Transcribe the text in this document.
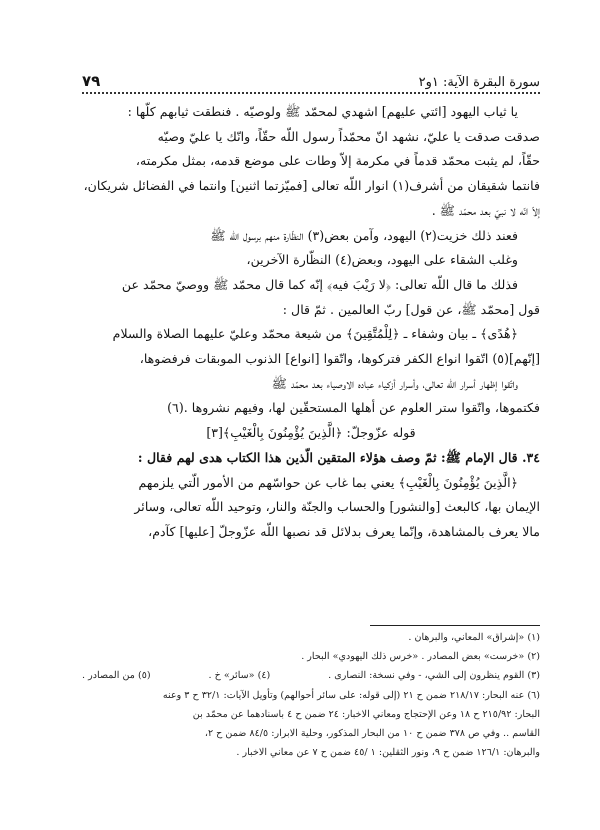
سورة البقرة الآية: ١و٢
٧٩

يا ثياب اليهود [ائتي عليهم] اشهدي لمحمّد ﷺ ولوصيّه . فنطقت ثيابهم كلّها :

صدقت صدقت يا عليّ، نشهد انّ محمّداً رسول اللّه حقّاً، وانّك يا عليّ وصيّه

حقّاً، لم يثبت محمّد قدماً في مكرمة إلاّ وطات على موضع قدمه، بمثل مكرمته،

فانتما شقيقان من أشرف(١) انوار اللّه تعالى [فميّزتما اثنين] وانتما في الفضائل شريكان،

إلاّ انّه لا نبيّ بعد محمّد ﷺ .

فعند ذلك خزيت(٢) اليهود، وآمن بعض(٣) النظّارة منهم برسول اللّه ﷺ

وغلب الشقاء على اليهود، وبعض(٤) النظّارة الآخرين،

فذلك ما قال اللّه تعالى: ﴿لا رَيْبَ فيه﴾ إنّه كما قال محمّد ﷺ ووصيّ محمّد عن

قول [محمّد ﷺ، عن قول] ربّ العالمين . ثمّ قال :

﴿هُدًى﴾ ـ بيان وشفاء ـ ﴿لِلْمُتَّقِينَ﴾ من شيعة محمّد وعليّ عليهما الصلاة والسلام

[إنّهم](٥) اتّقوا انواع الكفر فتركوها، واتّقوا [انواع] الذنوب الموبقات فرفضوها،

واتّقوا إظهار أسرار اللّه تعالى، وأسرار أزكياء عباده الاوصياء بعد محمّد ﷺ

فكتموها، واتّقوا ستر العلوم عن أهلها المستحقّين لها، وفيهم نشروها .(٦)

قوله عزّوجلّ: ﴿الَّذِينَ يُؤْمِنُونَ بِالْغَيْبِ﴾[٣]

٣٤. قال الإمام ﷺ: ثمّ وصف هؤلاء المتقين الّذين هذا الكتاب هدى لهم فقال :

﴿الَّذِينَ يُؤْمِنُونَ بِالْغَيْبِ﴾ يعني بما غاب عن حواسّهم من الأمور الّتي يلزمهم

الإيمان بها، كالبعث [والنشور] والحساب والجنّة والنار، وتوحيد اللّه تعالى، وسائر

مالا يعرف بالمشاهدة، وإنّما يعرف بدلائل قد نصبها اللّه عزّوجلّ [عليها] كآدم،

(١) «إشراق» المعاني، والبرهان .

(٢) «خرست» بعض المصادر . «خرس ذلك اليهودي» البحار .

(٣) القوم ينظرون إلى الشي، - وفي نسخة: النصارى .
(٤) «سائر» خ .
(٥) من المصادر .

(٦) عنه البحار: ٢١٨/١٧ ضمن ح ٢١ (إلى قوله: على سائر أحوالهم) وتأويل الآيات: ٣٢/١ ح ٣ وعنه

البحار: ٢١٥/٩٢ ح ١٨ وعن الإحتجاج ومعاني الاخبار: ٢٤ ضمن ح ٤ باسنادهما عن محمّد بن

القاسم .. وفي ص ٣٧٨ ضمن ح ١٠ من البحار المذكور، وحلية الابرار: ٨٤/٥ ضمن ح ٢،

والبرهان: ١٢٦/١ ضمن ح ٩، ونور الثقلين: ١ /٤٥ ضمن ح ٧ عن معاني الاخبار .
